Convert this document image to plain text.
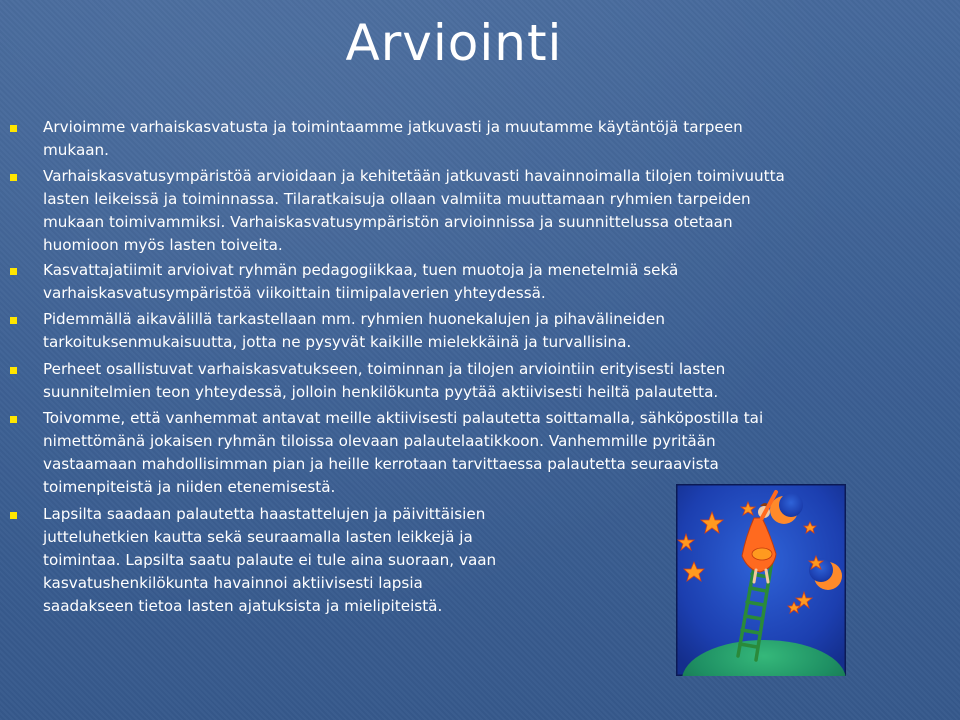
Arviointi
Arvioimme varhaiskasvatusta ja toimintaamme jatkuvasti ja muutamme käytäntöjä tarpeen
mukaan.
Varhaiskasvatusympäristöä arvioidaan ja kehitetään jatkuvasti havainnoimalla tilojen toimivuutta
lasten leikeissä ja toiminnassa. Tilaratkaisuja ollaan valmiita muuttamaan ryhmien tarpeiden
mukaan toimivammiksi. Varhaiskasvatusympäristön arvioinnissa ja suunnittelussa otetaan
huomioon myös lasten toiveita.
Kasvattajatiimit arvioivat ryhmän pedagogiikkaa, tuen muotoja ja menetelmiä sekä
varhaiskasvatusympäristöä viikoittain tiimipalaverien yhteydessä.
Pidemmällä aikavälillä tarkastellaan mm. ryhmien huonekalujen ja pihavälineiden
tarkoituksenmukaisuutta, jotta ne pysyvät kaikille mielekkäinä ja turvallisina.
Perheet osallistuvat varhaiskasvatukseen, toiminnan ja tilojen arviointiin erityisesti lasten
suunnitelmien teon yhteydessä, jolloin henkilökunta pyytää aktiivisesti heiltä palautetta.
Toivomme, että vanhemmat antavat meille aktiivisesti palautetta soittamalla, sähköpostilla tai
nimettömänä jokaisen ryhmän tiloissa olevaan palautelaatikkoon. Vanhemmille pyritään
vastaamaan mahdollisimman pian ja heille kerrotaan tarvittaessa palautetta seuraavista
toimenpiteistä ja niiden etenemisestä.
Lapsilta saadaan palautetta haastattelujen ja päivittäisien
jutteluhetkien kautta sekä seuraamalla lasten leikkejä ja
toimintaa. Lapsilta saatu palaute ei tule aina suoraan, vaan
kasvatushenkilökunta havainnoi aktiivisesti lapsia
saadakseen tietoa lasten ajatuksista ja mielipiteistä.
